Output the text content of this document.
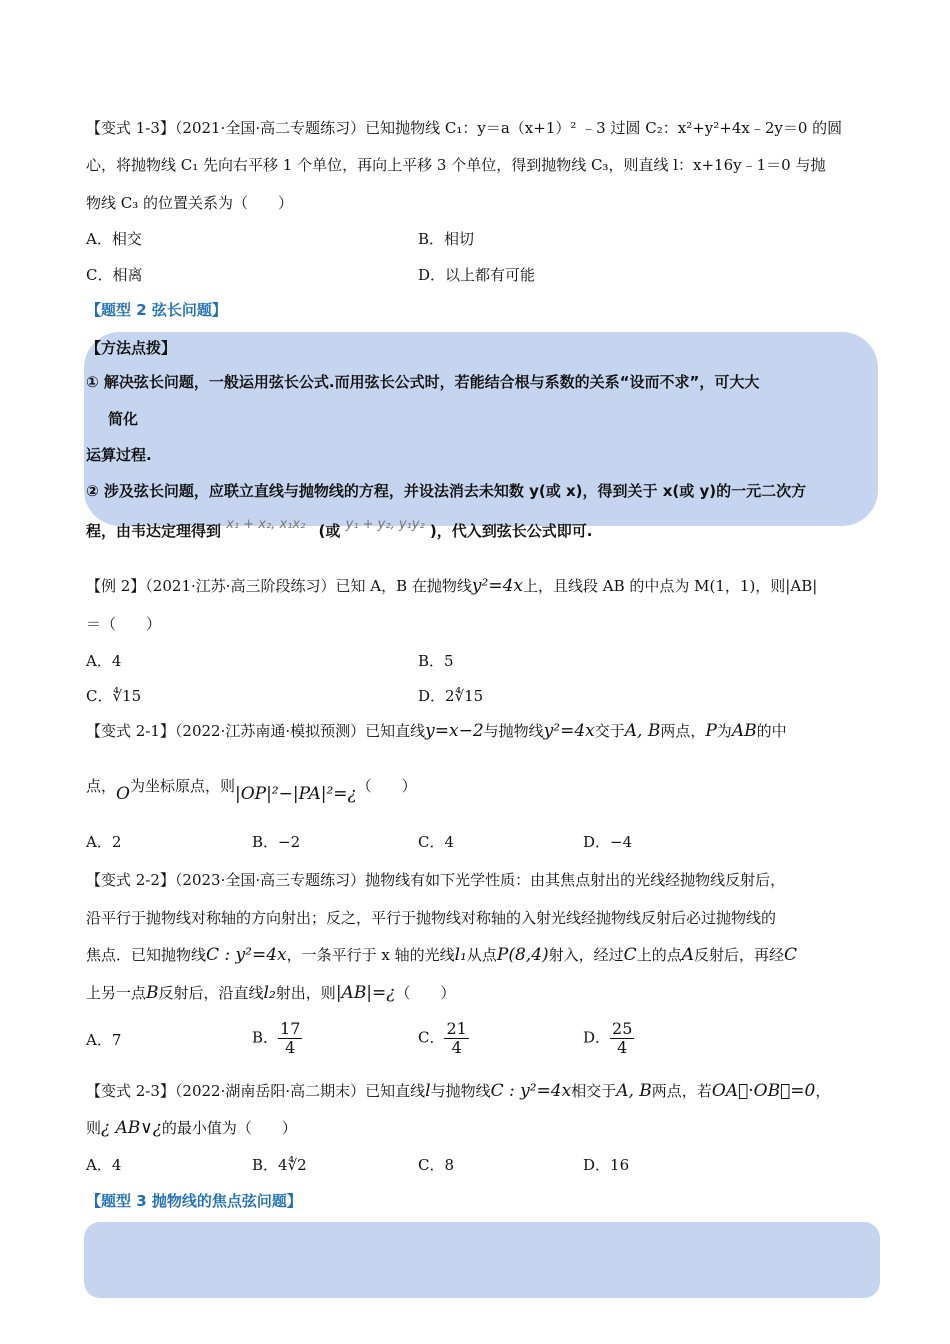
【变式 1-3】（2021·全国·高二专题练习）已知抛物线 C₁：y＝a（x+1）² ﹣3 过圆 C₂：x²+y²+4x﹣2y＝0 的圆
心，将抛物线 C₁ 先向右平移 1 个单位，再向上平移 3 个单位，得到抛物线 C₃，则直线 l：x+16y﹣1＝0 与抛
物线 C₃ 的位置关系为（　　）
A．相交	B．相切
C．相离	D．以上都有可能
【题型 2 弦长问题】
【方法点拨】
① 解决弦长问题，一般运用弦长公式.而用弦长公式时，若能结合根与系数的关系“设而不求”，可大大
简化
运算过程.
② 涉及弦长问题，应联立直线与抛物线的方程，并设法消去未知数 y(或 x)，得到关于 x(或 y)的一元二次方
程，由韦达定理得到 x₁ + x₂, x₁x₂ (或 y₁ + y₂, y₁y₂ )，代入到弦长公式即可.
【例 2】（2021·江苏·高三阶段练习）已知 A，B 在抛物线y²=4x上，且线段 AB 的中点为 M(1，1)，则|AB|
＝（　　）
A．4	B．5
C．∜15	D．2∜15
【变式 2-1】（2022·江苏南通·模拟预测）已知直线y=x−2与抛物线y²=4x交于A, B两点，P为AB的中
点，O为坐标原点，则|OP|²−|PA|²=¿（　　）
A．2	B．−2	C．4	D．−4
【变式 2-2】（2023·全国·高三专题练习）抛物线有如下光学性质：由其焦点射出的光线经抛物线反射后，
沿平行于抛物线对称轴的方向射出；反之，平行于抛物线对称轴的入射光线经抛物线反射后必过抛物线的
焦点．已知抛物线C : y²=4x，一条平行于 x 轴的光线l₁从点P(8,4)射入，经过C上的点A反射后，再经C
上另一点B反射后，沿直线l₂射出，则|AB|=¿（　　）
A．7	B． $\frac{17}{4}$	C． $\frac{21}{4}$	D． $\frac{25}{4}$
【变式 2-3】（2022·湖南岳阳·高二期末）已知直线l与抛物线C : y²=4x相交于A, B两点，若OA⃗·OB⃗=0，
则¿ AB∨¿的最小值为（　　）
A．4	B．4∜2	C．8	D．16
【题型 3 抛物线的焦点弦问题】
